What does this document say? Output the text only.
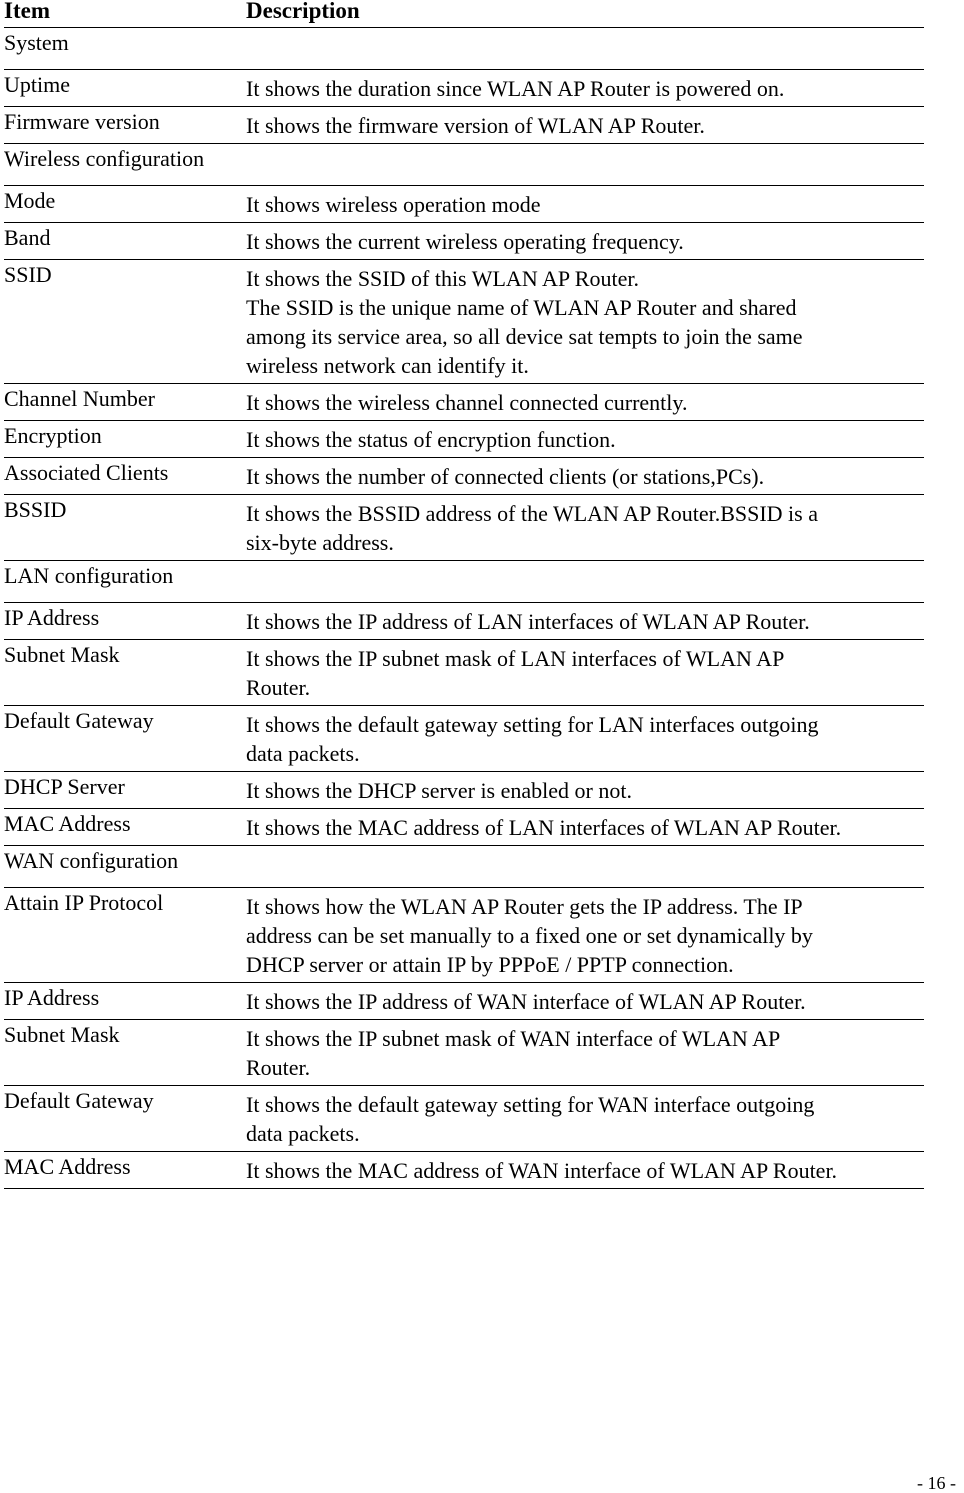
Item	Description
System	
Uptime	It shows the duration since WLAN AP Router is powered on.

Firmware version	It shows the firmware version of WLAN AP Router.

Wireless configuration	
Mode	It shows wireless operation mode

Band	It shows the current wireless operating frequency.

SSID	It shows the SSID of this WLAN AP Router.
The SSID is the unique name of WLAN AP Router and shared
among its service area, so all device sat tempts to join the same
wireless network can identify it.

Channel Number	It shows the wireless channel connected currently.

Encryption	It shows the status of encryption function.

Associated Clients	It shows the number of connected clients (or stations,PCs).

BSSID	It shows the BSSID address of the WLAN AP Router.BSSID is a
six-byte address.

LAN configuration	
IP Address	It shows the IP address of LAN interfaces of WLAN AP Router.

Subnet Mask	It shows the IP subnet mask of LAN interfaces of WLAN AP
Router.

Default Gateway	It shows the default gateway setting for LAN interfaces outgoing
data packets.

DHCP Server	It shows the DHCP server is enabled or not.

MAC Address	It shows the MAC address of LAN interfaces of WLAN AP Router.

WAN configuration	
Attain IP Protocol	It shows how the WLAN AP Router gets the IP address. The IP
address can be set manually to a fixed one or set dynamically by
DHCP server or attain IP by PPPoE / PPTP connection.

IP Address	It shows the IP address of WAN interface of WLAN AP Router.

Subnet Mask	It shows the IP subnet mask of WAN interface of WLAN AP
Router.

Default Gateway	It shows the default gateway setting for WAN interface outgoing
data packets.

MAC Address	It shows the MAC address of WAN interface of WLAN AP Router.
- 16 -
